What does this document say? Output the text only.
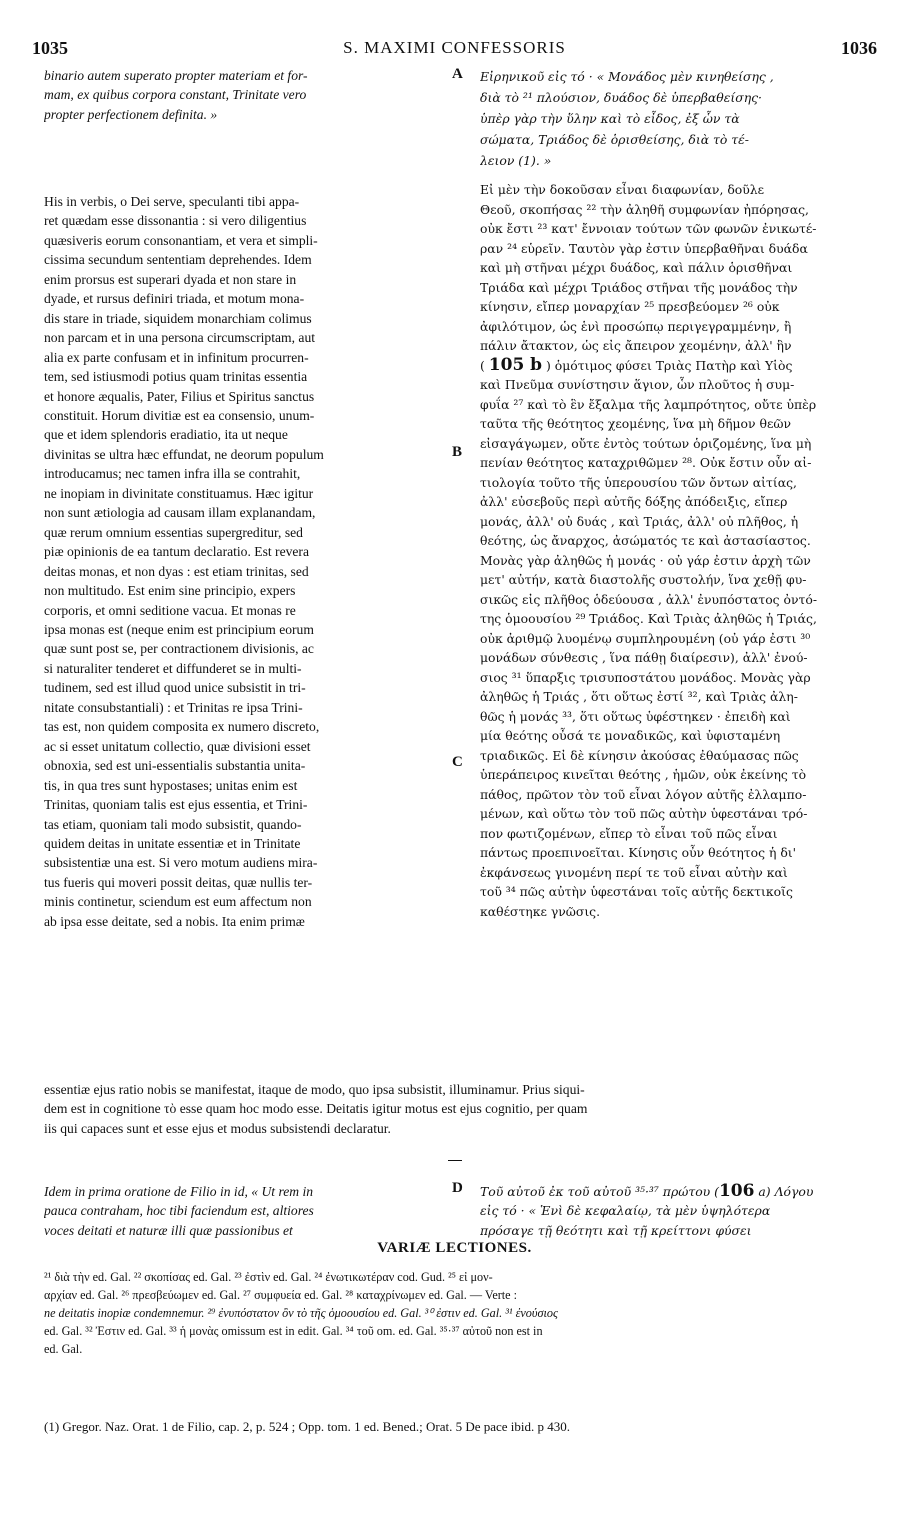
1035	S. MAXIMI CONFESSORIS	1036
A
B
C
D
binario autem superato propter materiam et for-
mam, ex quibus corpora constant, Trinitate vero
propter perfectionem definita. »
Εἰρηνικοῦ εἰς τό · « Μονάδος μὲν κινηθείσης ,
διὰ τὸ ²¹ πλούσιον, δυάδος δὲ ὑπερβαθείσης·
ὑπὲρ γὰρ τὴν ὕλην καὶ τὸ εἶδος, ἐξ ὧν τὰ
σώματα, Τριάδος δὲ ὁρισθείσης, διὰ τὸ τέ-
λειον (1). »
His in verbis, o Dei serve, speculanti tibi appa-
ret quædam esse dissonantia : si vero diligentius
quæsiveris eorum consonantiam, et vera et simpli-
cissima secundum sententiam deprehendes. Idem
enim prorsus est superari dyada et non stare in
dyade, et rursus definiri triada, et motum mona-
dis stare in triade, siquidem monarchiam colimus
non parcam et in una persona circumscriptam, aut
alia ex parte confusam et in infinitum procurren-
tem, sed istiusmodi potius quam trinitas essentia
et honore æqualis, Pater, Filius et Spiritus sanctus
constituit. Horum divitiæ est ea consensio, unum-
que et idem splendoris eradiatio, ita ut neque
divinitas se ultra hæc effundat, ne deorum populum
introducamus; nec tamen infra illa se contrahit,
ne inopiam in divinitate constituamus. Hæc igitur
non sunt ætiologia ad causam illam explanandam,
quæ rerum omnium essentias supergreditur, sed
piæ opinionis de ea tantum declaratio. Est revera
deitas monas, et non dyas : est etiam trinitas, sed
non multitudo. Est enim sine principio, expers
corporis, et omni seditione vacua. Et monas re
ipsa monas est (neque enim est principium eorum
quæ sunt post se, per contractionem divisionis, ac
si naturaliter tenderet et diffunderet se in multi-
tudinem, sed est illud quod unice subsistit in tri-
nitate consubstantiali) : et Trinitas re ipsa Trini-
tas est, non quidem composita ex numero discreto,
ac si esset unitatum collectio, quæ divisioni esset
obnoxia, sed est uni-essentialis substantia unita-
tis, in qua tres sunt hypostases; unitas enim est
Trinitas, quoniam talis est ejus essentia, et Trini-
tas etiam, quoniam tali modo subsistit, quando-
quidem deitas in unitate essentiæ et in Trinitate
subsistentiæ una est. Si vero motum audiens mira-
tus fueris qui moveri possit deitas, quæ nullis ter-
minis continetur, sciendum est eum affectum non
ab ipsa esse deitate, sed a nobis. Ita enim primæ
Εἰ μὲν τὴν δοκοῦσαν εἶναι διαφωνίαν, δοῦλε
Θεοῦ, σκοπήσας ²² τὴν ἀληθῆ συμφωνίαν ἠπόρησας,
οὐκ ἔστι ²³ κατ' ἔννοιαν τούτων τῶν φωνῶν ἐνικωτέ-
ραν ²⁴ εὑρεῖν. Ταυτὸν γὰρ ἐστιν ὑπερβαθῆναι δυάδα
καὶ μὴ στῆναι μέχρι δυάδος, καὶ πάλιν ὁρισθῆναι
Τριάδα καὶ μέχρι Τριάδος στῆναι τῆς μονάδος τὴν
κίνησιν, εἴπερ μοναρχίαν ²⁵ πρεσβεύομεν ²⁶ οὐκ
ἀφιλότιμον, ὡς ἑνὶ προσώπῳ περιγεγραμμένην, ἢ
πάλιν ἄτακτον, ὡς εἰς ἄπειρον χεομένην, ἀλλ' ἣν
( 105 b ) ὁμότιμος φύσει Τριὰς Πατὴρ καὶ Υἱὸς
καὶ Πνεῦμα συνίστησιν ἅγιον, ὧν πλοῦτος ἡ συμ-
φυΐα ²⁷ καὶ τὸ ἓν ἔξαλμα τῆς λαμπρότητος, οὔτε ὑπὲρ
ταῦτα τῆς θεότητος χεομένης, ἵνα μὴ δῆμον θεῶν
εἰσαγάγωμεν, οὔτε ἐντὸς τούτων ὁριζομένης, ἵνα μὴ
πενίαν θεότητος καταχριθῶμεν ²⁸. Οὐκ ἔστιν οὖν αἰ-
τιολογία τοῦτο τῆς ὑπερουσίου τῶν ὄντων αἰτίας,
ἀλλ' εὐσεβοῦς περὶ αὐτῆς δόξης ἀπόδειξις, εἴπερ
μονάς, ἀλλ' οὐ δυάς , καὶ Τριάς, ἀλλ' οὐ πλῆθος, ἡ
θεότης, ὡς ἄναρχος, ἀσώματός τε καὶ ἀστασίαστος.
Μονὰς γὰρ ἀληθῶς ἡ μονάς · οὐ γάρ ἐστιν ἀρχὴ τῶν
μετ' αὐτήν, κατὰ διαστολῆς συστολήν, ἵνα χεθῇ φυ-
σικῶς εἰς πλῆθος ὁδεύουσα , ἀλλ' ἐνυπόστατος ὀντό-
της ὁμοουσίου ²⁹ Τριάδος. Καὶ Τριὰς ἀληθῶς ἡ Τριάς,
οὐκ ἀριθμῷ λυομένῳ συμπληρουμένη (οὐ γάρ ἐστι ³⁰
μονάδων σύνθεσις , ἵνα πάθῃ διαίρεσιν), ἀλλ' ἐνού-
σιος ³¹ ὕπαρξις τρισυποστάτου μονάδος. Μονὰς γὰρ
ἀληθῶς ἡ Τριάς , ὅτι οὕτως ἐστί ³², καὶ Τριὰς ἀλη-
θῶς ἡ μονάς ³³, ὅτι οὕτως ὑφέστηκεν · ἐπειδὴ καὶ
μία θεότης οὖσά τε μοναδικῶς, καὶ ὑφισταμένη
τριαδικῶς. Εἰ δὲ κίνησιν ἀκούσας ἐθαύμασας πῶς
ὑπεράπειρος κινεῖται θεότης , ἡμῶν, οὐκ ἐκείνης τὸ
πάθος, πρῶτον τὸν τοῦ εἶναι λόγον αὐτῆς ἐλλαμπο-
μένων, καὶ οὕτω τὸν τοῦ πῶς αὐτὴν ὑφεστάναι τρό-
πον φωτιζομένων, εἴπερ τὸ εἶναι τοῦ πῶς εἶναι
πάντως προεπινοεῖται. Κίνησις οὖν θεότητος ἡ δι'
ἐκφάνσεως γινομένη περί τε τοῦ εἶναι αὐτὴν καὶ
τοῦ ³⁴ πῶς αὐτὴν ὑφεστάναι τοῖς αὐτῆς δεκτικοῖς
καθέστηκε γνῶσις.
essentiæ ejus ratio nobis se manifestat, itaque de modo, quo ipsa subsistit, illuminamur. Prius siqui-
dem est in cognitione τὸ esse quam hoc modo esse. Deitatis igitur motus est ejus cognitio, per quam
iis qui capaces sunt et esse ejus et modus subsistendi declaratur.
Idem in prima oratione de Filio in id, « Ut rem in
pauca contraham, hoc tibi faciendum est, altiores
voces deitati et naturæ illi quæ passionibus et
Τοῦ αὐτοῦ ἐκ τοῦ αὐτοῦ ³⁵·³⁷ πρώτου (106 a) Λόγου
εἰς τό · « Ἑνὶ δὲ κεφαλαίῳ, τὰ μὲν ὑψηλότερα
πρόσαγε τῇ θεότητι καὶ τῇ κρείττονι φύσει
VARIÆ LECTIONES.
²¹ διὰ τὴν ed. Gal. ²² σκοπίσας ed. Gal. ²³ ἐστὶν ed. Gal. ²⁴ ἐνωτικωτέραν cod. Gud. ²⁵ εἰ μον-
αρχίαν ed. Gal. ²⁶ πρεσβεύωμεν ed. Gal. ²⁷ συμφυεία ed. Gal. ²⁸ καταχρίνωμεν ed. Gal. — Verte :
ne deitatis inopiæ condemnemur. ²⁹ ἐνυπόστατον ὂν τὸ τῆς ὁμοουσίου ed. Gal. ³⁰ ἐστιν ed. Gal. ³¹ ἐνούσιος
ed. Gal. ³² Ἐστιν ed. Gal. ³³ ἡ μονὰς omissum est in edit. Gal. ³⁴ τοῦ om. ed. Gal. ³⁵·³⁷ αὐτοῦ non est in
ed. Gal.
(1) Gregor. Naz. Orat. 1 de Filio, cap. 2, p. 524 ; Opp. tom. 1 ed. Bened.; Orat. 5 De pace ibid. p 430.
